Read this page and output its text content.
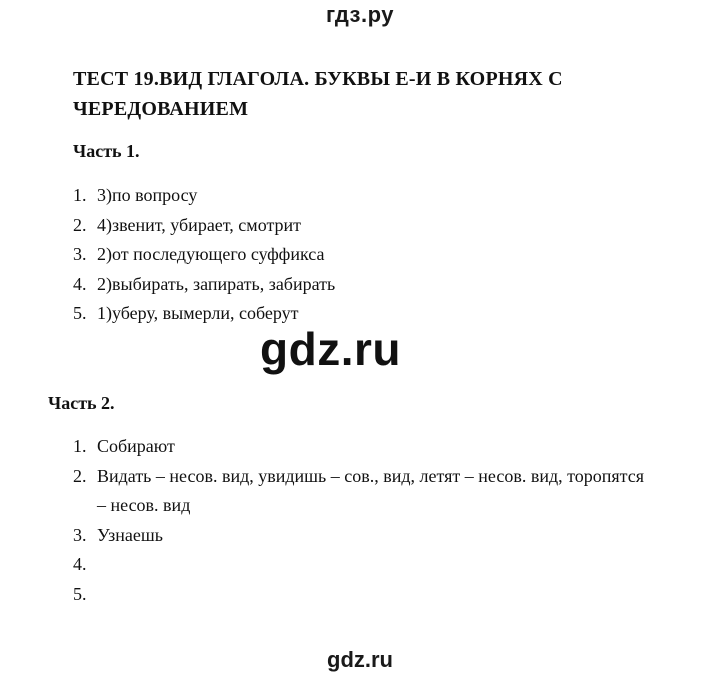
гдз.ру
ТЕСТ 19.ВИД ГЛАГОЛА. БУКВЫ Е-И В КОРНЯХ С ЧЕРЕДОВАНИЕМ
Часть 1.
1. 3)по вопросу
2. 4)звенит, убирает, смотрит
3. 2)от последующего суффикса
4. 2)выбирать, запирать, забирать
5. 1)уберу, вымерли, соберут
gdz.ru
Часть 2.
1. Собирают
2. Видать – несов. вид, увидишь – сов., вид, летят – несов. вид, торопятся – несов. вид
3. Узнаешь
4.

5.

gdz.ru
